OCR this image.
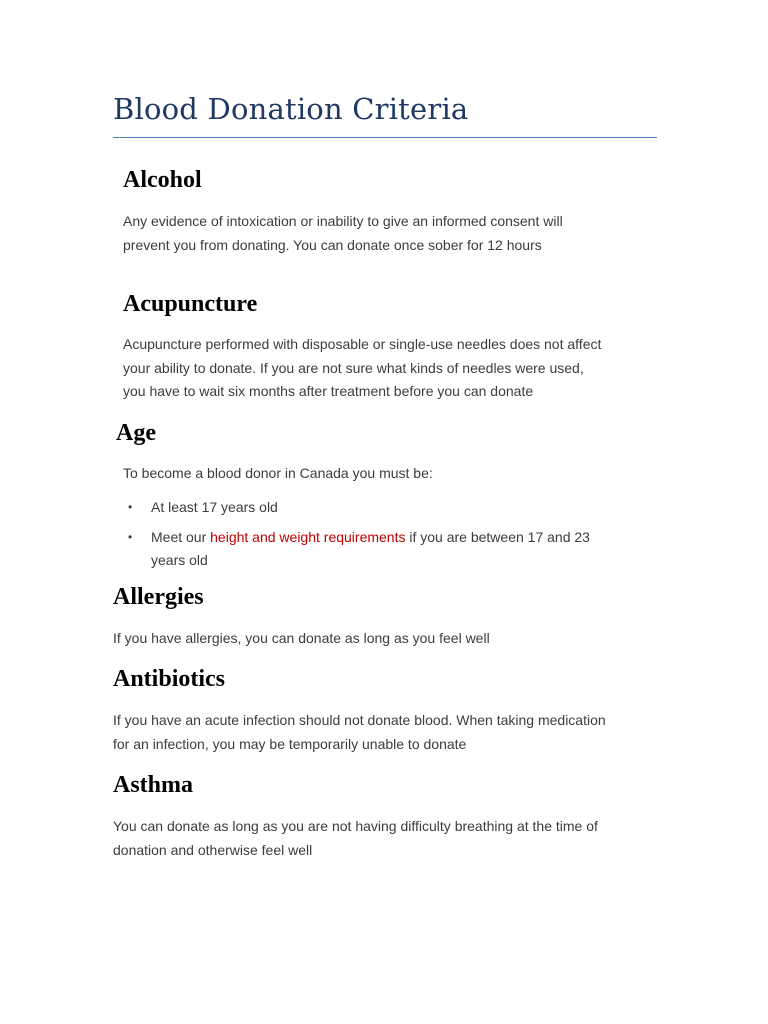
Blood Donation Criteria
Alcohol

Any evidence of intoxication or inability to give an informed consent will
prevent you from donating. You can donate once sober for 12 hours

Acupuncture

Acupuncture performed with disposable or single-use needles does not affect
your ability to donate. If you are not sure what kinds of needles were used,
you have to wait six months after treatment before you can donate

Age

To become a blood donor in Canada you must be:

• At least 17 years old
• Meet our height and weight requirements if you are between 17 and 23
years old
Allergies

If you have allergies, you can donate as long as you feel well

Antibiotics

If you have an acute infection should not donate blood. When taking medication
for an infection, you may be temporarily unable to donate

Asthma

You can donate as long as you are not having difficulty breathing at the time of
donation and otherwise feel well
